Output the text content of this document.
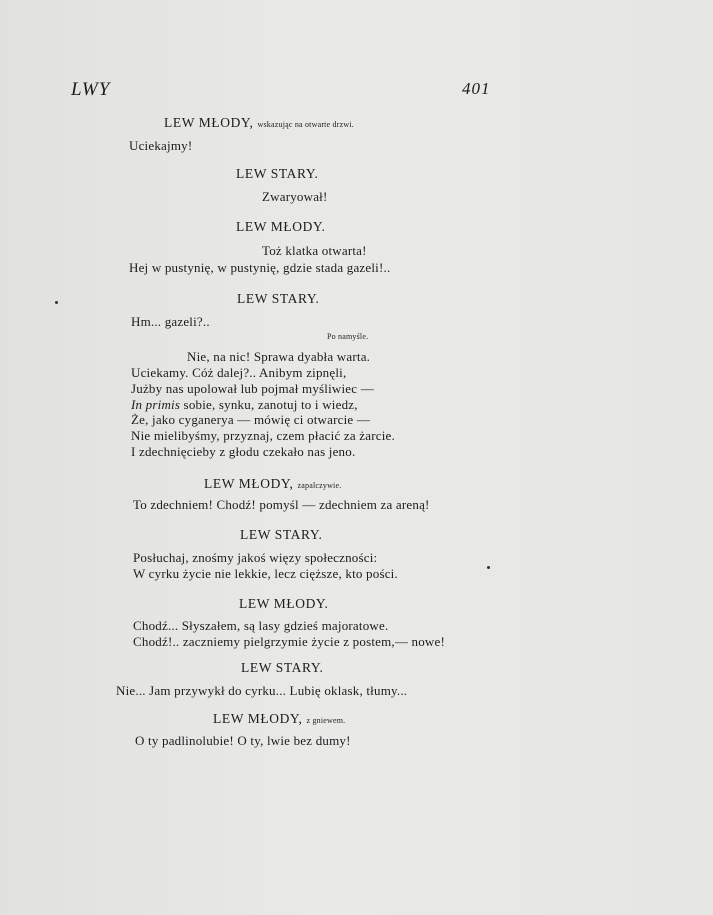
LWY	401
LEW MŁODY, wskazując na otwarte drzwi.
Uciekajmy!
LEW STARY.
Zwaryował!
LEW MŁODY.
Toż klatka otwarta!
Hej w pustynię, w pustynię, gdzie stada gazeli!..
LEW STARY.
Hm... gazeli?..
Po namyśle.
Nie, na nic! Sprawa dyabła warta.
Uciekamy. Cóż dalej?.. Anibym zipnęli,
Jużby nas upolował lub pojmał myśliwiec —
In primis sobie, synku, zanotuj to i wiedz,
Że, jako cyganerya — mówię ci otwarcie —
Nie mielibyśmy, przyznaj, czem płacić za żarcie.
I zdechnięcieby z głodu czekało nas jeno.
LEW MŁODY, zapalczywie.
To zdechniem! Chodź! pomyśl — zdechniem za areną!
LEW STARY.
Posłuchaj, znośmy jakoś więzy społeczności:
W cyrku życie nie lekkie, lecz cięższe, kto pości.
LEW MŁODY.
Chodź... Słyszałem, są lasy gdzieś majoratowe.
Chodź!.. zaczniemy pielgrzymie życie z postem,— nowe!
LEW STARY.
Nie... Jam przywykł do cyrku... Lubię oklask, tłumy...
LEW MŁODY, z gniewem.
O ty padlinolubie! O ty, lwie bez dumy!
